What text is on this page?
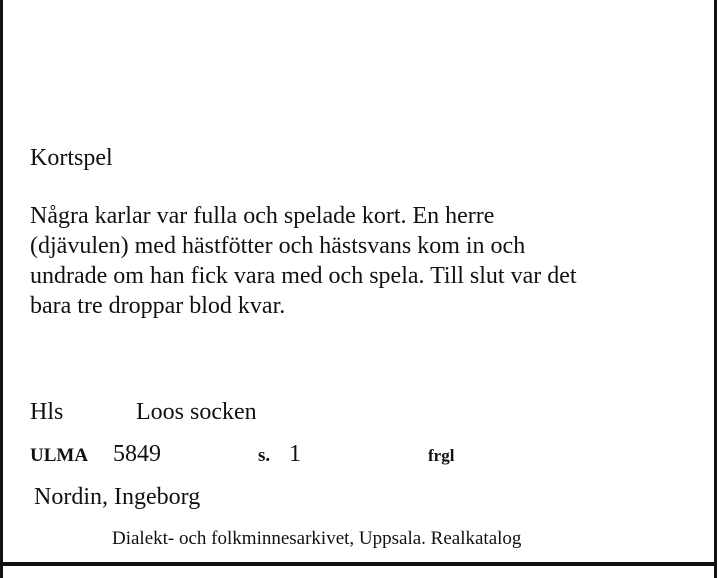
Kortspel
Några karlar var fulla och spelade kort. En herre
(djävulen) med hästfötter och hästsvans kom in och
undrade om han fick vara med och spela. Till slut var det
bara tre droppar blod kvar.
Hls	Loos socken
ULMA 5849	s. 1	frgl
Nordin, Ingeborg
Dialekt- och folkminnesarkivet, Uppsala. Realkatalog
